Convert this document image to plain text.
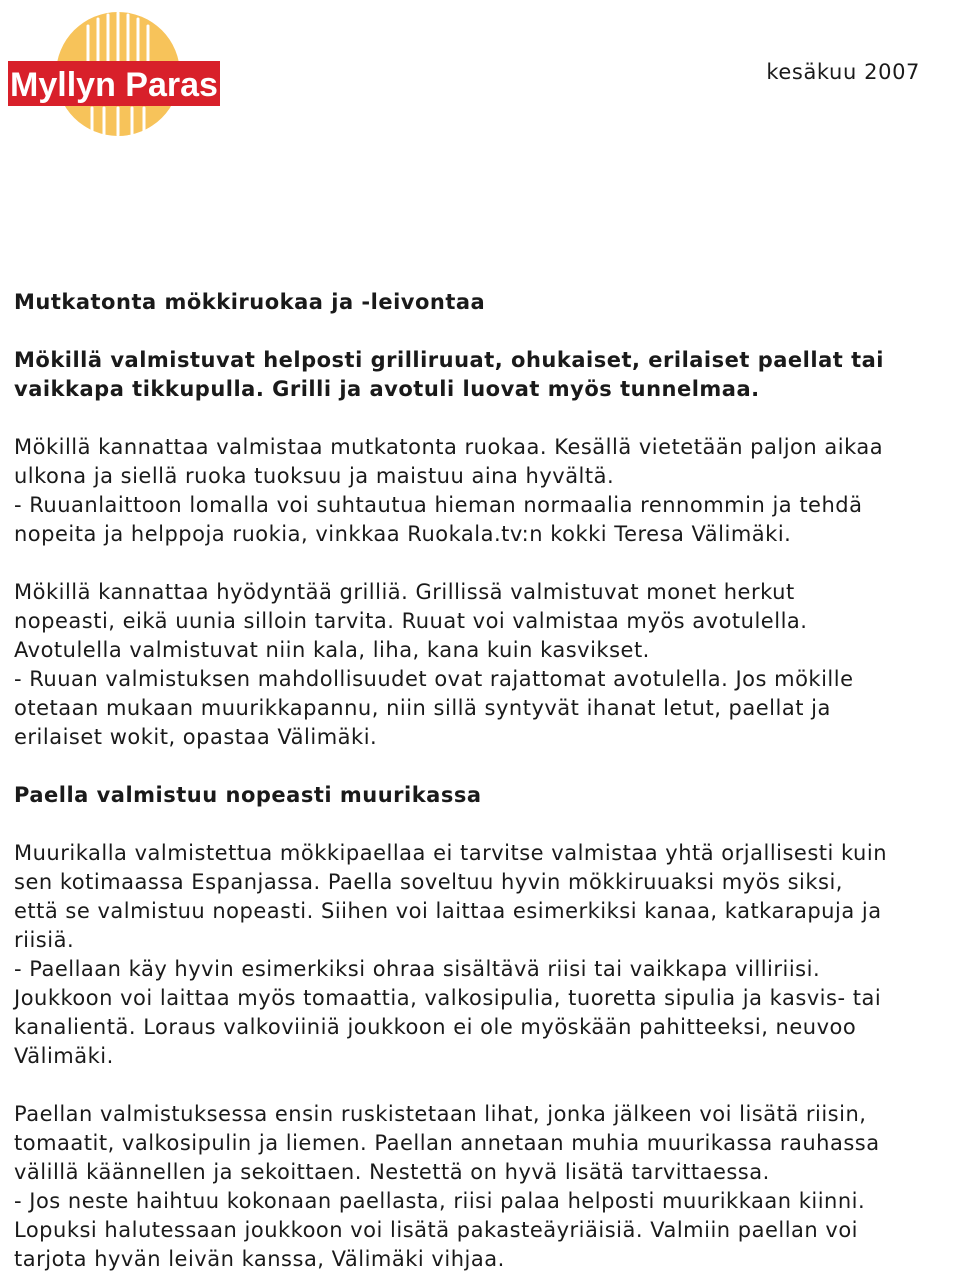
Myllyn Paras	kesäkuu 2007
Mutkatonta mökkiruokaa ja -leivontaa
Mökillä valmistuvat helposti grilliruuat, ohukaiset, erilaiset paellat tai
vaikkapa tikkupulla. Grilli ja avotuli luovat myös tunnelmaa.
Mökillä kannattaa valmistaa mutkatonta ruokaa. Kesällä vietetään paljon aikaa
ulkona ja siellä ruoka tuoksuu ja maistuu aina hyvältä.
- Ruuanlaittoon lomalla voi suhtautua hieman normaalia rennommin ja tehdä
nopeita ja helppoja ruokia, vinkkaa Ruokala.tv:n kokki Teresa Välimäki.
Mökillä kannattaa hyödyntää grilliä. Grillissä valmistuvat monet herkut
nopeasti, eikä uunia silloin tarvita. Ruuat voi valmistaa myös avotulella.
Avotulella valmistuvat niin kala, liha, kana kuin kasvikset.
- Ruuan valmistuksen mahdollisuudet ovat rajattomat avotulella. Jos mökille
otetaan mukaan muurikkapannu, niin sillä syntyvät ihanat letut, paellat ja
erilaiset wokit, opastaa Välimäki.
Paella valmistuu nopeasti muurikassa
Muurikalla valmistettua mökkipaellaa ei tarvitse valmistaa yhtä orjallisesti kuin
sen kotimaassa Espanjassa. Paella soveltuu hyvin mökkiruuaksi myös siksi,
että se valmistuu nopeasti. Siihen voi laittaa esimerkiksi kanaa, katkarapuja ja
riisiä.
- Paellaan käy hyvin esimerkiksi ohraa sisältävä riisi tai vaikkapa villiriisi.
Joukkoon voi laittaa myös tomaattia, valkosipulia, tuoretta sipulia ja kasvis- tai
kanalientä. Loraus valkoviiniä joukkoon ei ole myöskään pahitteeksi, neuvoo
Välimäki.
Paellan valmistuksessa ensin ruskistetaan lihat, jonka jälkeen voi lisätä riisin,
tomaatit, valkosipulin ja liemen. Paellan annetaan muhia muurikassa rauhassa
välillä käännellen ja sekoittaen. Nestettä on hyvä lisätä tarvittaessa.
- Jos neste haihtuu kokonaan paellasta, riisi palaa helposti muurikkaan kiinni.
Lopuksi halutessaan joukkoon voi lisätä pakasteäyriäisiä. Valmiin paellan voi
tarjota hyvän leivän kanssa, Välimäki vihjaa.
